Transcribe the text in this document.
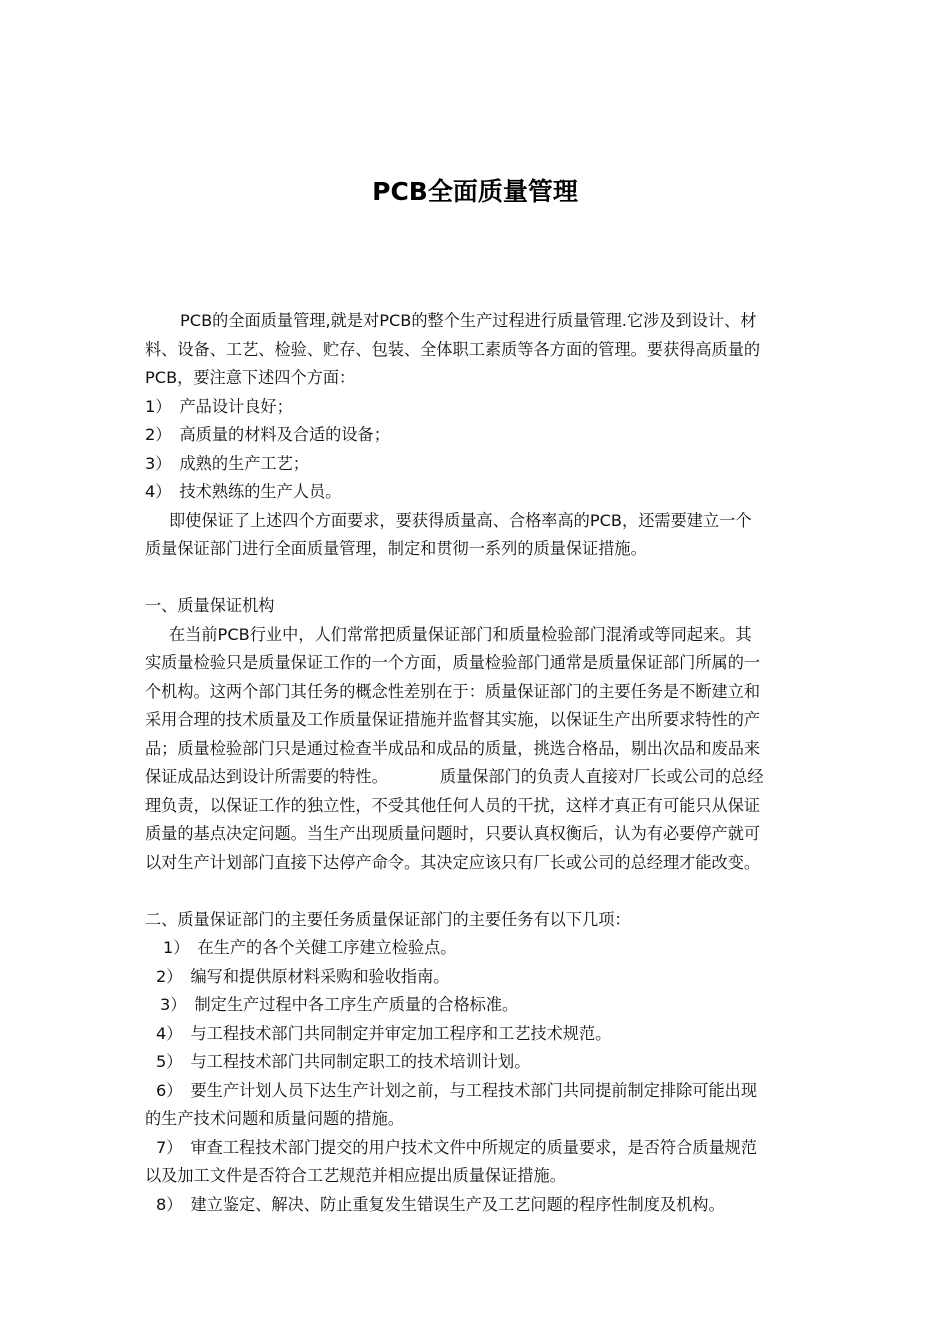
PCB全面质量管理
PCB的全面质量管理,就是对PCB的整个生产过程进行质量管理.它涉及到设计、材
料、设备、工艺、检验、贮存、包装、全体职工素质等各方面的管理。要获得高质量的
PCB，要注意下述四个方面：
1） 产品设计良好；
2） 高质量的材料及合适的设备；
3） 成熟的生产工艺；
4） 技术熟练的生产人员。
即使保证了上述四个方面要求，要获得质量高、合格率高的PCB，还需要建立一个
质量保证部门进行全面质量管理，制定和贯彻一系列的质量保证措施。
一、质量保证机构
在当前PCB行业中，人们常常把质量保证部门和质量检验部门混淆或等同起来。其
实质量检验只是质量保证工作的一个方面，质量检验部门通常是质量保证部门所属的一
个机构。这两个部门其任务的概念性差别在于：质量保证部门的主要任务是不断建立和
采用合理的技术质量及工作质量保证措施并监督其实施，以保证生产出所要求特性的产
品；质量检验部门只是通过检查半成品和成品的质量，挑选合格品，剔出次品和废品来
保证成品达到设计所需要的特性。	质量保部门的负责人直接对厂长或公司的总经
理负责，以保证工作的独立性，不受其他任何人员的干扰，这样才真正有可能只从保证
质量的基点决定问题。当生产出现质量问题时，只要认真权衡后，认为有必要停产就可
以对生产计划部门直接下达停产命令。其决定应该只有厂长或公司的总经理才能改变。
二、质量保证部门的主要任务质量保证部门的主要任务有以下几项：
1） 在生产的各个关健工序建立检验点。
2） 编写和提供原材料采购和验收指南。
3） 制定生产过程中各工序生产质量的合格标准。
4） 与工程技术部门共同制定并审定加工程序和工艺技术规范。
5） 与工程技术部门共同制定职工的技术培训计划。
6） 要生产计划人员下达生产计划之前，与工程技术部门共同提前制定排除可能出现
的生产技术问题和质量问题的措施。
7） 审查工程技术部门提交的用户技术文件中所规定的质量要求，是否符合质量规范
以及加工文件是否符合工艺规范并相应提出质量保证措施。
8） 建立鉴定、解决、防止重复发生错误生产及工艺问题的程序性制度及机构。
